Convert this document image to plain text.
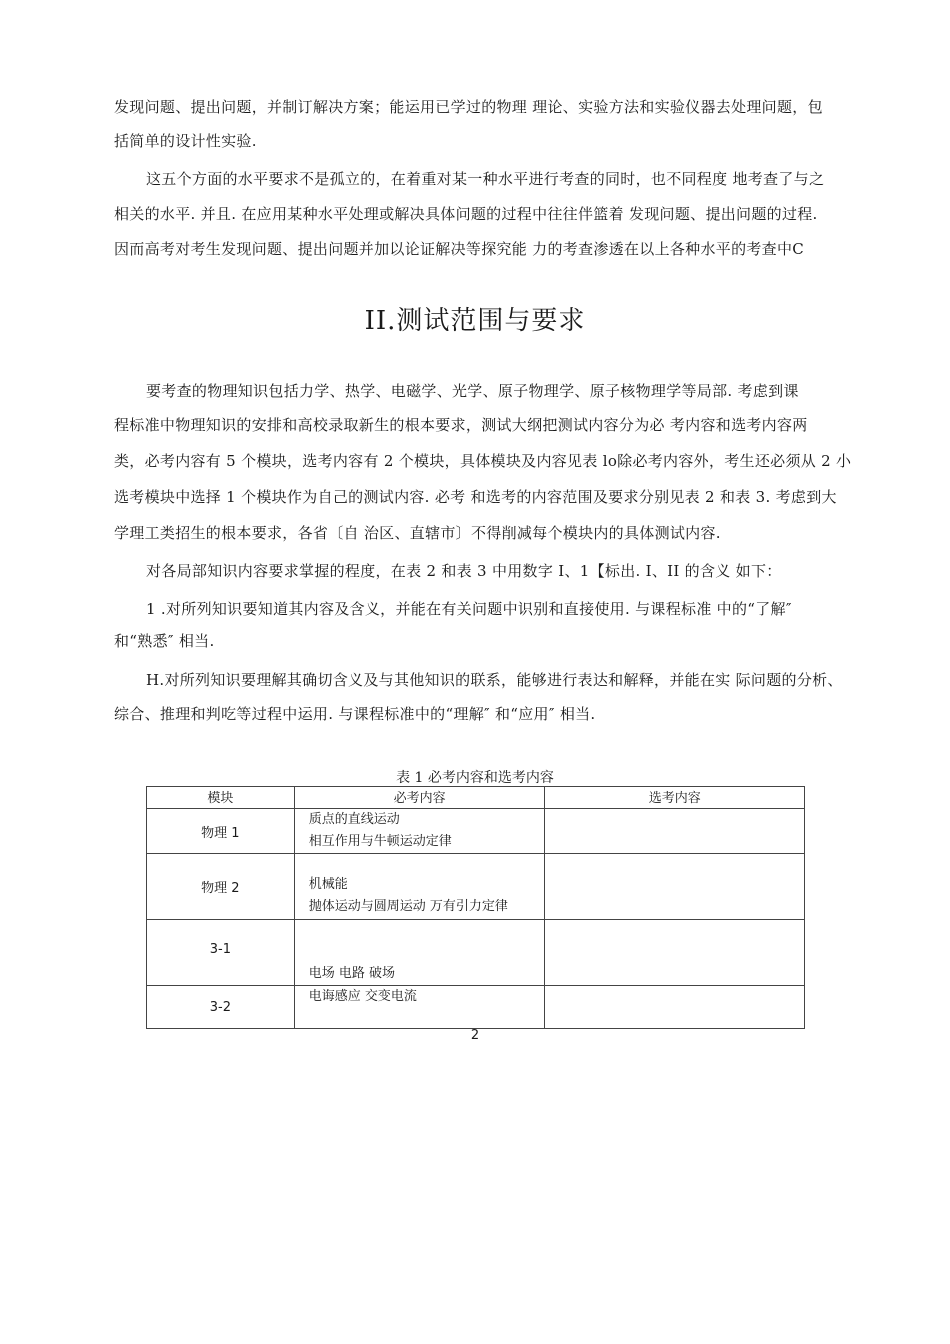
发现问题、提出问题，并制订解决方案；能运用已学过的物理 理论、实验方法和实验仪器去处理问题，包
括简单的设计性实验.
这五个方面的水平要求不是孤立的，在着重对某一种水平进行考查的同时，也不同程度 地考查了与之
相关的水平. 并且. 在应用某种水平处理或解决具体问题的过程中往往伴篮着 发现问题、提出问题的过程.
因而高考对考生发现问题、提出问题并加以论证解决等探究能 力的考查渗透在以上各种水平的考查中C
II.测试范围与要求
要考查的物理知识包括力学、热学、电磁学、光学、原子物理学、原子核物理学等局部. 考虑到课
程标准中物理知识的安排和高校录取新生的根本要求，测试大纲把测试内容分为必 考内容和选考内容两
类，必考内容有 5 个模块，选考内容有 2 个模块，具体模块及内容见表 lo除必考内容外，考生还必须从 2 小
选考模块中选择 1 个模块作为自己的测试内容. 必考 和选考的内容范围及要求分别见表 2 和表 3. 考虑到大
学理工类招生的根本要求，各省〔自 治区、直辖市〕不得削减每个模块内的具体测试内容.
对各局部知识内容要求掌握的程度，在表 2 和表 3 中用数字 I、1【标出. I、II 的含义 如下：
1 .对所列知识要知道其内容及含义，并能在有关问题中识别和直接使用. 与课程标准 中的“了解″
和“熟悉″ 相当.
H.对所列知识要理解其确切含义及与其他知识的联系，能够进行表达和解释，并能在实 际问题的分析、
综合、推理和判吃等过程中运用. 与课程标准中的“理解″ 和“应用″ 相当.
表 1 必考内容和选考内容
模块	必考内容	选考内容
物理 1	质点的直线运动
相互作用与牛顿运动定律	

物理 2	机械能
抛体运动与圆周运动 万有引力定律	

3-1	电场 电路 破场	

3-2	电诲感应 交变电流	

2
